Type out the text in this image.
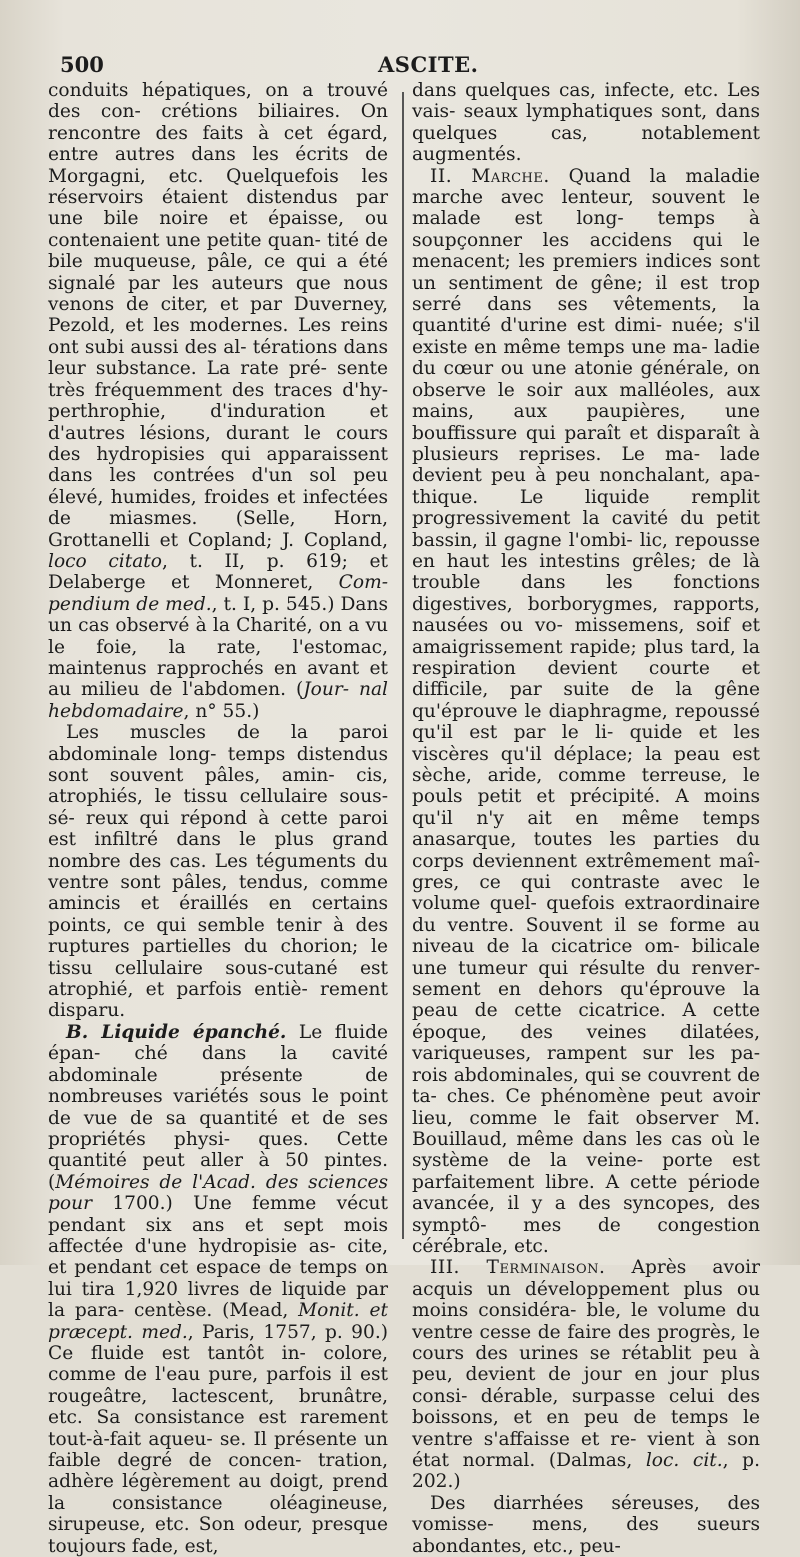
500	ASCITE.

conduits hépatiques, on a trouvé des con- crétions biliaires. On rencontre des faits à cet égard, entre autres dans les écrits de Morgagni, etc. Quelquefois les réservoirs étaient distendus par une bile noire et épaisse, ou contenaient une petite quan- tité de bile muqueuse, pâle, ce qui a été signalé par les auteurs que nous venons de citer, et par Duverney, Pezold, et les modernes. Les reins ont subi aussi des al- térations dans leur substance. La rate pré- sente très fréquemment des traces d'hy- perthrophie, d'induration et d'autres lésions, durant le cours des hydropisies qui apparaissent dans les contrées d'un sol peu élevé, humides, froides et infectées de miasmes. (Selle, Horn, Grottanelli et Copland; J. Copland, loco citato, t. II, p. 619; et Delaberge et Monneret, Com- pendium de med., t. I, p. 545.) Dans un cas observé à la Charité, on a vu le foie, la rate, l'estomac, maintenus rapprochés en avant et au milieu de l'abdomen. (Jour- nal hebdomadaire, n° 55.)

Les muscles de la paroi abdominale long- temps distendus sont souvent pâles, amin- cis, atrophiés, le tissu cellulaire sous-sé- reux qui répond à cette paroi est infiltré dans le plus grand nombre des cas. Les téguments du ventre sont pâles, tendus, comme amincis et éraillés en certains points, ce qui semble tenir à des ruptures partielles du chorion; le tissu cellulaire sous-cutané est atrophié, et parfois entiè- rement disparu.

B. Liquide épanché. Le fluide épan- ché dans la cavité abdominale présente de nombreuses variétés sous le point de vue de sa quantité et de ses propriétés physi- ques. Cette quantité peut aller à 50 pintes. (Mémoires de l'Acad. des sciences pour 1700.) Une femme vécut pendant six ans et sept mois affectée d'une hydropisie as- cite, et pendant cet espace de temps on lui tira 1,920 livres de liquide par la para- centèse. (Mead, Monit. et præcept. med., Paris, 1757, p. 90.) Ce fluide est tantôt in- colore, comme de l'eau pure, parfois il est rougeâtre, lactescent, brunâtre, etc. Sa consistance est rarement tout-à-fait aqueu- se. Il présente un faible degré de concen- tration, adhère légèrement au doigt, prend la consistance oléagineuse, sirupeuse, etc. Son odeur, presque toujours fade, est,

dans quelques cas, infecte, etc. Les vais- seaux lymphatiques sont, dans quelques cas, notablement augmentés.

II. Marche. Quand la maladie marche avec lenteur, souvent le malade est long- temps à soupçonner les accidens qui le menacent; les premiers indices sont un sentiment de gêne; il est trop serré dans ses vêtements, la quantité d'urine est dimi- nuée; s'il existe en même temps une ma- ladie du cœur ou une atonie générale, on observe le soir aux malléoles, aux mains, aux paupières, une bouffissure qui paraît et disparaît à plusieurs reprises. Le ma- lade devient peu à peu nonchalant, apa- thique. Le liquide remplit progressivement la cavité du petit bassin, il gagne l'ombi- lic, repousse en haut les intestins grêles; de là trouble dans les fonctions digestives, borborygmes, rapports, nausées ou vo- missemens, soif et amaigrissement rapide; plus tard, la respiration devient courte et difficile, par suite de la gêne qu'éprouve le diaphragme, repoussé qu'il est par le li- quide et les viscères qu'il déplace; la peau est sèche, aride, comme terreuse, le pouls petit et précipité. A moins qu'il n'y ait en même temps anasarque, toutes les parties du corps deviennent extrêmement maî- gres, ce qui contraste avec le volume quel- quefois extraordinaire du ventre. Souvent il se forme au niveau de la cicatrice om- bilicale une tumeur qui résulte du renver- sement en dehors qu'éprouve la peau de cette cicatrice. A cette époque, des veines dilatées, variqueuses, rampent sur les pa- rois abdominales, qui se couvrent de ta- ches. Ce phénomène peut avoir lieu, comme le fait observer M. Bouillaud, même dans les cas où le système de la veine- porte est parfaitement libre. A cette période avancée, il y a des syncopes, des symptô- mes de congestion cérébrale, etc.

III. Terminaison. Après avoir acquis un développement plus ou moins considéra- ble, le volume du ventre cesse de faire des progrès, le cours des urines se rétablit peu à peu, devient de jour en jour plus consi- dérable, surpasse celui des boissons, et en peu de temps le ventre s'affaisse et re- vient à son état normal. (Dalmas, loc. cit., p. 202.)

Des diarrhées séreuses, des vomisse- mens, des sueurs abondantes, etc., peu-
